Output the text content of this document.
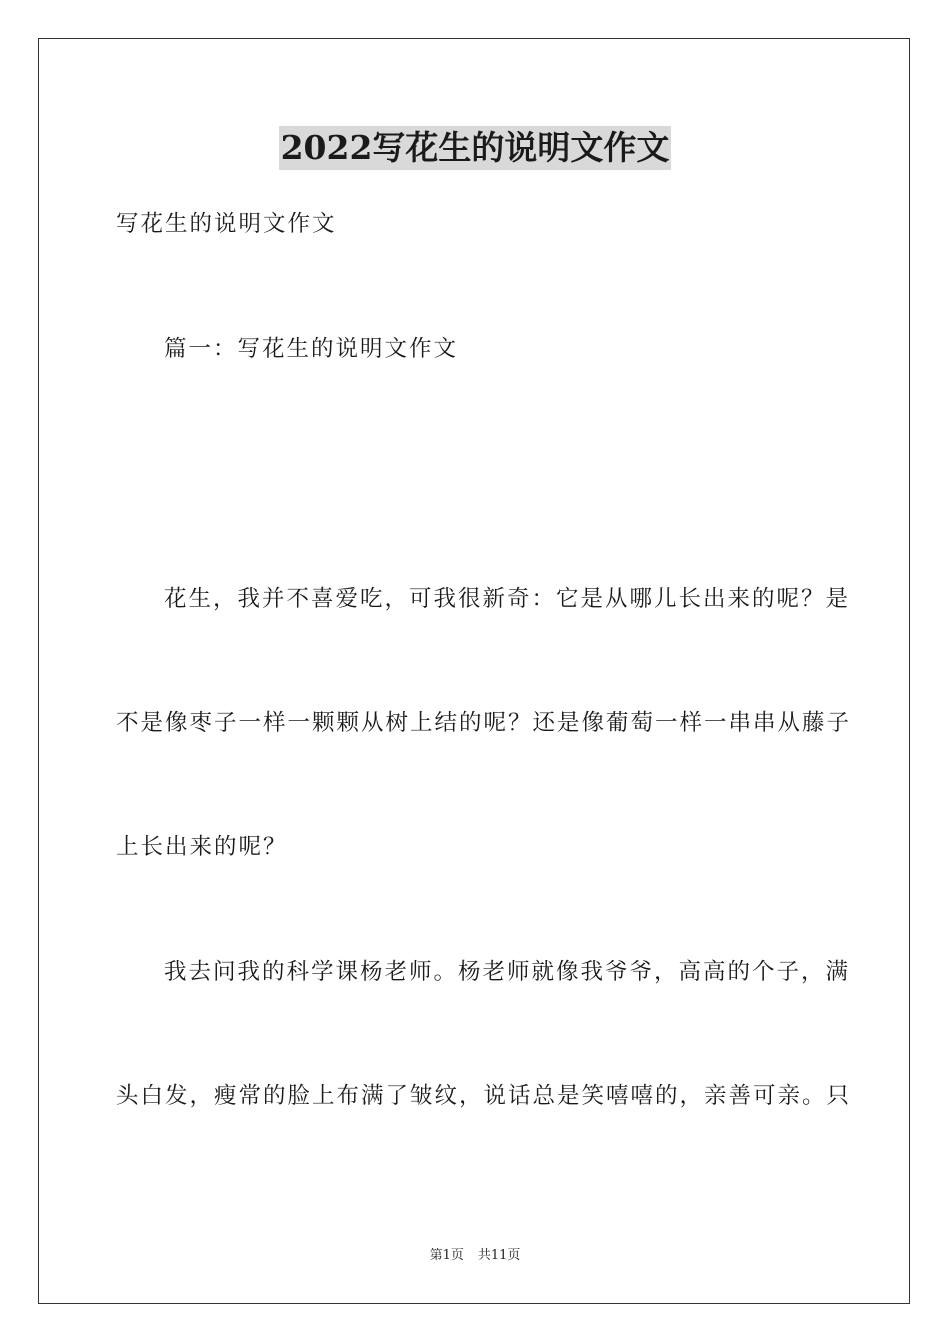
2022写花生的说明文作文
写花生的说明文作文
篇一：写花生的说明文作文
花生，我并不喜爱吃，可我很新奇：它是从哪儿长出来的呢？是
不是像枣子一样一颗颗从树上结的呢？还是像葡萄一样一串串从藤子
上长出来的呢？
我去问我的科学课杨老师。杨老师就像我爷爷，高高的个子，满
头白发，瘦常的脸上布满了皱纹，说话总是笑嘻嘻的，亲善可亲。只
第1页 共11页
